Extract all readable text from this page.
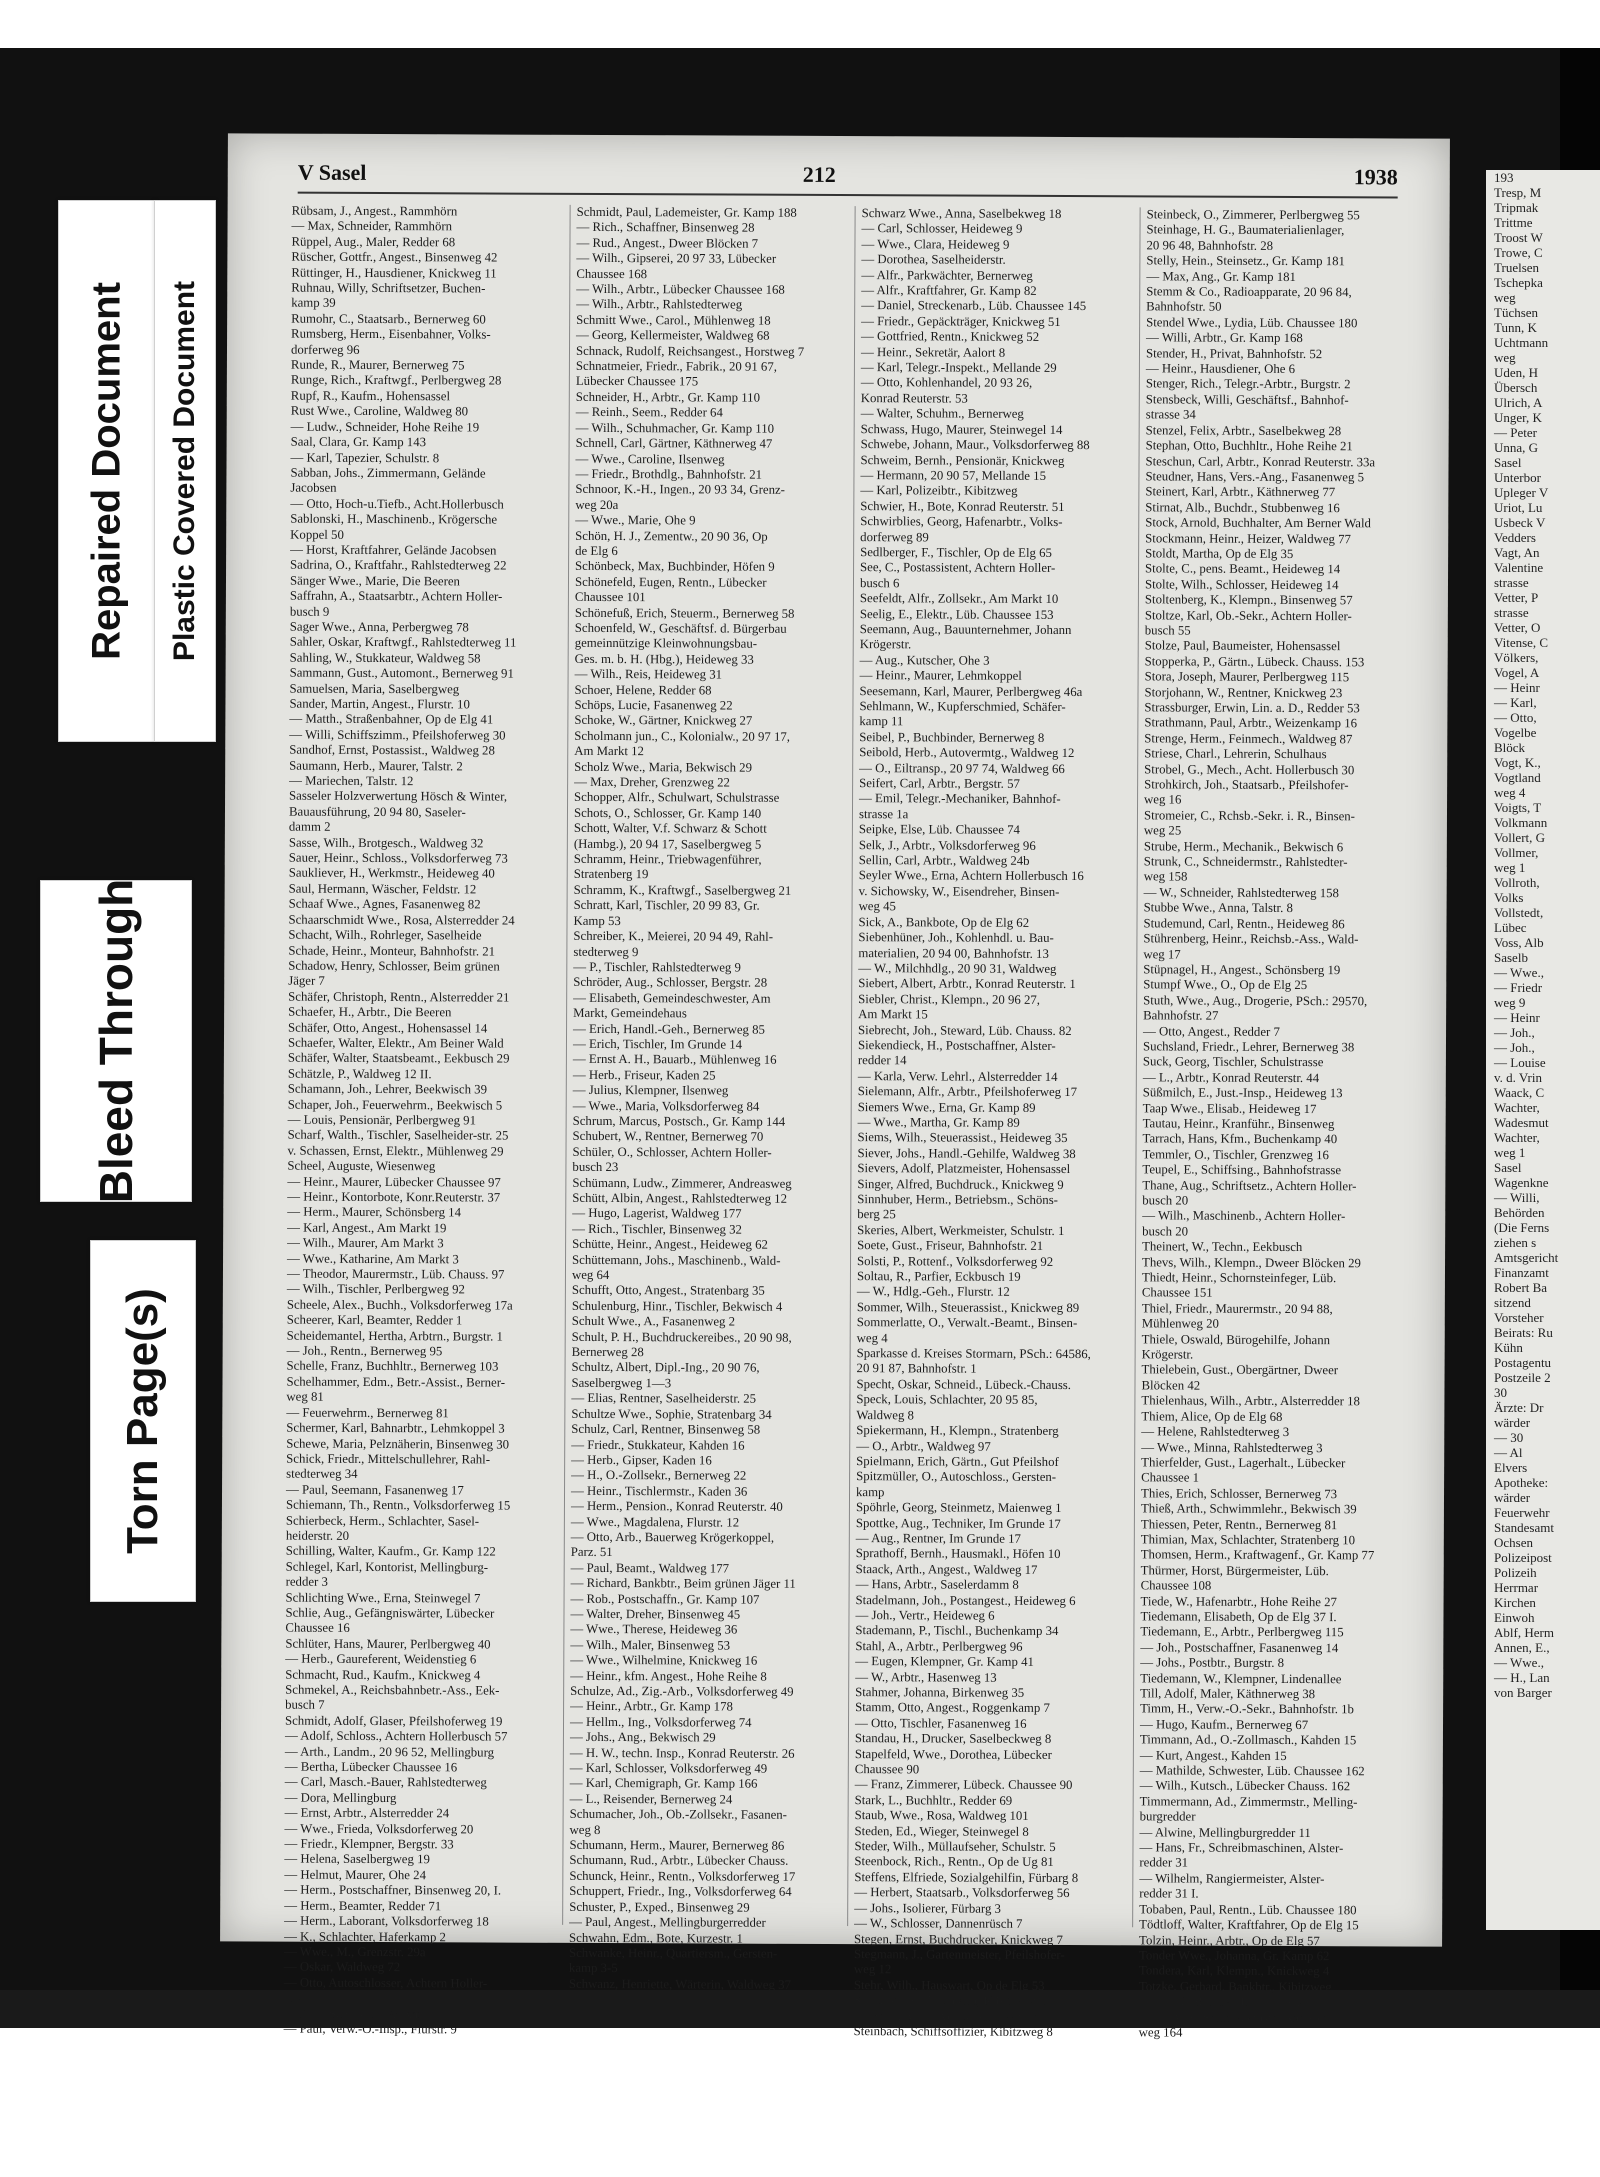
193
Tresp, M
Tripmak
Trittme
Troost W
Trowe, C
Truelsen
Tschepka
weg
Tüchsen
Tunn, K
Uchtmann
weg
Uden, H
Übersch
Ulrich, A
Unger, K
— Peter
Unna, G
Sasel
Unterbor
Upleger V
Uriot, Lu
Usbeck V
Vedders
Vagt, An
Valentine
strasse
Vetter, P
strasse
Vetter, O
Vitense, C
Völkers,
Vogel, A
— Heinr
— Karl,
— Otto,
Vogelbe
Blöck
Vogt, K.,
Vogtland
weg 4
Voigts, T
Volkmann
Vollert, G
Vollmer,
weg 1
Vollroth,
Volks
Vollstedt,
Lübec
Voss, Alb
Saselb
— Wwe.,
— Friedr
weg 9
— Heinr
— Joh.,
— Joh.,
— Louise
v. d. Vrin
Waack, C
Wachter,
Wadesmut
Wachter,
weg 1
Sasel
Wagenkne
— Willi,
Behörden
(Die Ferns
ziehen s
Amtsgericht
Finanzamt
Robert Ba
sitzend
Vorsteher
Beirats: Ru
Kühn
Postagentu
Postzeile 2
30
Ärzte: Dr
wärder
— 30
— Al
Elvers
Apotheke:
wärder
Feuerwehr
Standesamt
Ochsen
Polizeipost
Polizeih
Herrmar
Kirchen
Einwoh
Ablf, Herm
Annen, E.,
— Wwe.,
— H., Lan
von Barger
V Sasel	212	1938
Rübsam, J., Angest., Rammhörn
— Max, Schneider, Rammhörn
Rüppel, Aug., Maler, Redder 68
Rüscher, Gottfr., Angest., Binsenweg 42
Rüttinger, H., Hausdiener, Knickweg 11
Ruhnau, Willy, Schriftsetzer, Buchen-
kamp 39
Rumohr, C., Staatsarb., Bernerweg 60
Rumsberg, Herm., Eisenbahner, Volks-
dorferweg 96
Runde, R., Maurer, Bernerweg 75
Runge, Rich., Kraftwgf., Perlbergweg 28
Rupf, R., Kaufm., Hohensassel
Rust Wwe., Caroline, Waldweg 80
— Ludw., Schneider, Hohe Reihe 19
Saal, Clara, Gr. Kamp 143
— Karl, Tapezier, Schulstr. 8
Sabban, Johs., Zimmermann, Gelände
Jacobsen
— Otto, Hoch-u.Tiefb., Acht.Hollerbusch
Sablonski, H., Maschinenb., Krögersche
Koppel 50
— Horst, Kraftfahrer, Gelände Jacobsen
Sadrina, O., Kraftfahr., Rahlstedterweg 22
Sänger Wwe., Marie, Die Beeren
Saffrahn, A., Staatsarbtr., Achtern Holler-
busch 9
Sager Wwe., Anna, Perbergweg 78
Sahler, Oskar, Kraftwgf., Rahlstedterweg 11
Sahling, W., Stukkateur, Waldweg 58
Sammann, Gust., Automont., Bernerweg 91
Samuelsen, Maria, Saselbergweg
Sander, Martin, Angest., Flurstr. 10
— Matth., Straßenbahner, Op de Elg 41
— Willi, Schiffszimm., Pfeilshoferweg 30
Sandhof, Ernst, Postassist., Waldweg 28
Saumann, Herb., Maurer, Talstr. 2
— Mariechen, Talstr. 12
Sasseler Holzverwertung Hösch & Winter,
Bauausführung, 20 94 80, Saseler-
damm 2
Sasse, Wilh., Brotgesch., Waldweg 32
Sauer, Heinr., Schloss., Volksdorferweg 73
Saukliever, H., Werkmstr., Heideweg 40
Saul, Hermann, Wäscher, Feldstr. 12
Schaaf Wwe., Agnes, Fasanenweg 82
Schaarschmidt Wwe., Rosa, Alsterredder 24
Schacht, Wilh., Rohrleger, Saselheide
Schade, Heinr., Monteur, Bahnhofstr. 21
Schadow, Henry, Schlosser, Beim grünen
Jäger 7
Schäfer, Christoph, Rentn., Alsterredder 21
Schaefer, H., Arbtr., Die Beeren
Schäfer, Otto, Angest., Hohensassel 14
Schaefer, Walter, Elektr., Am Beiner Wald
Schäfer, Walter, Staatsbeamt., Eekbusch 29
Schätzle, P., Waldweg 12 II.
Schamann, Joh., Lehrer, Beekwisch 39
Schaper, Joh., Feuerwehrm., Beekwisch 5
— Louis, Pensionär, Perlbergweg 91
Scharf, Walth., Tischler, Saselheider-str. 25
v. Schassen, Ernst, Elektr., Mühlenweg 29
Scheel, Auguste, Wiesenweg
— Heinr., Maurer, Lübecker Chaussee 97
— Heinr., Kontorbote, Konr.Reuterstr. 37
— Herm., Maurer, Schönsberg 14
— Karl, Angest., Am Markt 19
— Wilh., Maurer, Am Markt 3
— Wwe., Katharine, Am Markt 3
— Theodor, Maurermstr., Lüb. Chauss. 97
— Wilh., Tischler, Perlbergweg 92
Scheele, Alex., Buchh., Volksdorferweg 17a
Scheerer, Karl, Beamter, Redder 1
Scheidemantel, Hertha, Arbtrn., Burgstr. 1
— Joh., Rentn., Bernerweg 95
Schelle, Franz, Buchhltr., Bernerweg 103
Schelhammer, Edm., Betr.-Assist., Berner-
weg 81
— Feuerwehrm., Bernerweg 81
Schermer, Karl, Bahnarbtr., Lehmkoppel 3
Schewe, Maria, Pelznäherin, Binsenweg 30
Schick, Friedr., Mittelschullehrer, Rahl-
stedterweg 34
— Paul, Seemann, Fasanenweg 17
Schiemann, Th., Rentn., Volksdorferweg 15
Schierbeck, Herm., Schlachter, Sasel-
heiderstr. 20
Schilling, Walter, Kaufm., Gr. Kamp 122
Schlegel, Karl, Kontorist, Mellingburg-
redder 3
Schlichting Wwe., Erna, Steinwegel 7
Schlie, Aug., Gefängniswärter, Lübecker
Chaussee 16
Schlüter, Hans, Maurer, Perlbergweg 40
— Herb., Gaureferent, Weidenstieg 6
Schmacht, Rud., Kaufm., Knickweg 4
Schmekel, A., Reichsbahnbetr.-Ass., Eek-
busch 7
Schmidt, Adolf, Glaser, Pfeilshoferweg 19
— Adolf, Schloss., Achtern Hollerbusch 57
— Arth., Landm., 20 96 52, Mellingburg
— Bertha, Lübecker Chaussee 16
— Carl, Masch.-Bauer, Rahlstedterweg
— Dora, Mellingburg
— Ernst, Arbtr., Alsterredder 24
— Wwe., Frieda, Volksdorferweg 20
— Friedr., Klempner, Bergstr. 33
— Helena, Saselbergweg 19
— Helmut, Maurer, Ohe 24
— Herm., Postschaffner, Binsenweg 20, I.
— Herm., Beamter, Redder 71
— Herm., Laborant, Volksdorferweg 18
— K., Schlachter, Haferkamp 2
— Wwe., M., Grenzstr. 29a
— Oskar, Waldweg 72
— Otto, Autoschlosser, Achtern Holler-
busch 57
— Paul, Schlosser, Gr. Kamp 58
— Paul, Verw.-O.-Insp., Flurstr. 9
Schmidt, Paul, Lademeister, Gr. Kamp 188
— Rich., Schaffner, Binsenweg 28
— Rud., Angest., Dweer Blöcken 7
— Wilh., Gipserei, 20 97 33, Lübecker
Chaussee 168
— Wilh., Arbtr., Lübecker Chaussee 168
— Wilh., Arbtr., Rahlstedterweg
Schmitt Wwe., Carol., Mühlenweg 18
— Georg, Kellermeister, Waldweg 68
Schnack, Rudolf, Reichsangest., Horstweg 7
Schnatmeier, Friedr., Fabrik., 20 91 67,
Lübecker Chaussee 175
Schneider, H., Arbtr., Gr. Kamp 110
— Reinh., Seem., Redder 64
— Wilh., Schuhmacher, Gr. Kamp 110
Schnell, Carl, Gärtner, Käthnerweg 47
— Wwe., Caroline, Ilsenweg
— Friedr., Brothdlg., Bahnhofstr. 21
Schnoor, K.-H., Ingen., 20 93 34, Grenz-
weg 20a
— Wwe., Marie, Ohe 9
Schön, H. J., Zementw., 20 90 36, Op
de Elg 6
Schönbeck, Max, Buchbinder, Höfen 9
Schönefeld, Eugen, Rentn., Lübecker
Chaussee 101
Schönefuß, Erich, Steuerm., Bernerweg 58
Schoenfeld, W., Geschäftsf. d. Bürgerbau
gemeinnützige Kleinwohnungsbau-
Ges. m. b. H. (Hbg.), Heideweg 33
— Wilh., Reis, Heideweg 31
Schoer, Helene, Redder 68
Schöps, Lucie, Fasanenweg 22
Schoke, W., Gärtner, Knickweg 27
Scholmann jun., C., Kolonialw., 20 97 17,
Am Markt 12
Scholz Wwe., Maria, Bekwisch 29
— Max, Dreher, Grenzweg 22
Schopper, Alfr., Schulwart, Schulstrasse
Schots, O., Schlosser, Gr. Kamp 140
Schott, Walter, V.f. Schwarz & Schott
(Hambg.), 20 94 17, Saselbergweg 5
Schramm, Heinr., Triebwagenführer,
Stratenberg 19
Schramm, K., Kraftwgf., Saselbergweg 21
Schratt, Karl, Tischler, 20 99 83, Gr.
Kamp 53
Schreiber, K., Meierei, 20 94 49, Rahl-
stedterweg 9
— P., Tischler, Rahlstedterweg 9
Schröder, Aug., Schlosser, Bergstr. 28
— Elisabeth, Gemeindeschwester, Am
Markt, Gemeindehaus
— Erich, Handl.-Geh., Bernerweg 85
— Erich, Tischler, Im Grunde 14
— Ernst A. H., Bauarb., Mühlenweg 16
— Herb., Friseur, Kaden 25
— Julius, Klempner, Ilsenweg
— Wwe., Maria, Volksdorferweg 84
Schrum, Marcus, Postsch., Gr. Kamp 144
Schubert, W., Rentner, Bernerweg 70
Schüler, O., Schlosser, Achtern Holler-
busch 23
Schümann, Ludw., Zimmerer, Andreasweg
Schütt, Albin, Angest., Rahlstedterweg 12
— Hugo, Lagerist, Waldweg 177
— Rich., Tischler, Binsenweg 32
Schütte, Heinr., Angest., Heideweg 62
Schüttemann, Johs., Maschinenb., Wald-
weg 64
Schufft, Otto, Angest., Stratenbarg 35
Schulenburg, Hinr., Tischler, Bekwisch 4
Schult Wwe., A., Fasanenweg 2
Schult, P. H., Buchdruckereibes., 20 90 98,
Bernerweg 28
Schultz, Albert, Dipl.-Ing., 20 90 76,
Saselbergweg 1—3
— Elias, Rentner, Saselheiderstr. 25
Schultze Wwe., Sophie, Stratenbarg 34
Schulz, Carl, Rentner, Binsenweg 58
— Friedr., Stukkateur, Kahden 16
— Herb., Gipser, Kaden 16
— H., O.-Zollsekr., Bernerweg 22
— Heinr., Tischlermstr., Kaden 36
— Herm., Pension., Konrad Reuterstr. 40
— Wwe., Magdalena, Flurstr. 12
— Otto, Arb., Bauerweg Krögerkoppel,
Parz. 51
— Paul, Beamt., Waldweg 177
— Richard, Bankbtr., Beim grünen Jäger 11
— Rob., Postschaffn., Gr. Kamp 107
— Walter, Dreher, Binsenweg 45
— Wwe., Therese, Heideweg 36
— Wilh., Maler, Binsenweg 53
— Wwe., Wilhelmine, Knickweg 16
— Heinr., kfm. Angest., Hohe Reihe 8
Schulze, Ad., Zig.-Arb., Volksdorferweg 49
— Heinr., Arbtr., Gr. Kamp 178
— Hellm., Ing., Volksdorferweg 74
— Johs., Ang., Bekwisch 29
— H. W., techn. Insp., Konrad Reuterstr. 26
— Karl, Schlosser, Volksdorferweg 49
— Karl, Chemigraph, Gr. Kamp 166
— L., Reisender, Bernerweg 24
Schumacher, Joh., Ob.-Zollsekr., Fasanen-
weg 8
Schumann, Herm., Maurer, Bernerweg 86
Schumann, Rud., Arbtr., Lübecker Chauss.
Schunck, Heinr., Rentn., Volksdorferweg 17
Schuppert, Friedr., Ing., Volksdorferweg 64
Schuster, P., Exped., Binsenweg 29
— Paul, Angest., Mellingburgerredder
Schwahn, Edm., Bote, Kurzestr. 1
Schwanke, Heinr., Quartiersm., Gersten-
kamp 3-5
Schwanz, Henriette, Wärterin, Waldweg 37
Schwarz Wwe., Anna, Saselbekweg 18
— Carl, Schlosser, Heideweg 9
— Wwe., Clara, Heideweg 9
— Dorothea, Saselheiderstr.
— Alfr., Parkwächter, Bernerweg
— Alfr., Kraftfahrer, Gr. Kamp 82
— Daniel, Streckenarb., Lüb. Chaussee 145
— Friedr., Gepäckträger, Knickweg 51
— Gottfried, Rentn., Knickweg 52
— Heinr., Sekretär, Aalort 8
— Karl, Telegr.-Inspekt., Mellande 29
— Otto, Kohlenhandel, 20 93 26,
Konrad Reuterstr. 53
— Walter, Schuhm., Bernerweg
Schwass, Hugo, Maurer, Steinwegel 14
Schwebe, Johann, Maur., Volksdorferweg 88
Schweim, Bernh., Pensionär, Knickweg
— Hermann, 20 90 57, Mellande 15
— Karl, Polizeibtr., Kibitzweg
Schwier, H., Bote, Konrad Reuterstr. 51
Schwirblies, Georg, Hafenarbtr., Volks-
dorferweg 89
Sedlberger, F., Tischler, Op de Elg 65
See, C., Postassistent, Achtern Holler-
busch 6
Seefeldt, Alfr., Zollsekr., Am Markt 10
Seelig, E., Elektr., Lüb. Chaussee 153
Seemann, Aug., Bauunternehmer, Johann
Krögerstr.
— Aug., Kutscher, Ohe 3
— Heinr., Maurer, Lehmkoppel
Seesemann, Karl, Maurer, Perlbergweg 46a
Sehlmann, W., Kupferschmied, Schäfer-
kamp 11
Seibel, P., Buchbinder, Bernerweg 8
Seibold, Herb., Autovermtg., Waldweg 12
— O., Eiltransp., 20 97 74, Waldweg 66
Seifert, Carl, Arbtr., Bergstr. 57
— Emil, Telegr.-Mechaniker, Bahnhof-
strasse 1a
Seipke, Else, Lüb. Chaussee 74
Selk, J., Arbtr., Volksdorferweg 96
Sellin, Carl, Arbtr., Waldweg 24b
Seyler Wwe., Erna, Achtern Hollerbusch 16
v. Sichowsky, W., Eisendreher, Binsen-
weg 45
Sick, A., Bankbote, Op de Elg 62
Siebenhüner, Joh., Kohlenhdl. u. Bau-
materialien, 20 94 00, Bahnhofstr. 13
— W., Milchhdlg., 20 90 31, Waldweg
Siebert, Albert, Arbtr., Konrad Reuterstr. 1
Siebler, Christ., Klempn., 20 96 27,
Am Markt 15
Siebrecht, Joh., Steward, Lüb. Chauss. 82
Siekendieck, H., Postschaffner, Alster-
redder 14
— Karla, Verw. Lehrl., Alsterredder 14
Sielemann, Alfr., Arbtr., Pfeilshoferweg 17
Siemers Wwe., Erna, Gr. Kamp 89
— Wwe., Martha, Gr. Kamp 89
Siems, Wilh., Steuerassist., Heideweg 35
Siever, Johs., Handl.-Gehilfe, Waldweg 38
Sievers, Adolf, Platzmeister, Hohensassel
Singer, Alfred, Buchdruck., Knickweg 9
Sinnhuber, Herm., Betriebsm., Schöns-
berg 25
Skeries, Albert, Werkmeister, Schulstr. 1
Soete, Gust., Friseur, Bahnhofstr. 21
Solsti, P., Rottenf., Volksdorferweg 92
Soltau, R., Parfier, Eckbusch 19
— W., Hdlg.-Geh., Flurstr. 12
Sommer, Wilh., Steuerassist., Knickweg 89
Sommerlatte, O., Verwalt.-Beamt., Binsen-
weg 4
Sparkasse d. Kreises Stormarn, PSch.: 64586,
20 91 87, Bahnhofstr. 1
Specht, Oskar, Schneid., Lübeck.-Chauss.
Speck, Louis, Schlachter, 20 95 85,
Waldweg 8
Spiekermann, H., Klempn., Stratenberg
— O., Arbtr., Waldweg 97
Spielmann, Erich, Gärtn., Gut Pfeilshof
Spitzmüller, O., Autoschloss., Gersten-
kamp
Spöhrle, Georg, Steinmetz, Maienweg 1
Spottke, Aug., Techniker, Im Grunde 17
— Aug., Rentner, Im Grunde 17
Sprathoff, Bernh., Hausmakl., Höfen 10
Staack, Arth., Angest., Waldweg 17
— Hans, Arbtr., Saselerdamm 8
Stadelmann, Joh., Postangest., Heideweg 6
— Joh., Vertr., Heideweg 6
Stademann, P., Tischl., Buchenkamp 34
Stahl, A., Arbtr., Perlbergweg 96
— Eugen, Klempner, Gr. Kamp 41
— W., Arbtr., Hasenweg 13
Stahmer, Johanna, Birkenweg 35
Stamm, Otto, Angest., Roggenkamp 7
— Otto, Tischler, Fasanenweg 16
Standau, H., Drucker, Saselbeckweg 8
Stapelfeld, Wwe., Dorothea, Lübecker
Chaussee 90
— Franz, Zimmerer, Lübeck. Chaussee 90
Stark, L., Buchhltr., Redder 69
Staub, Wwe., Rosa, Waldweg 101
Steden, Ed., Wieger, Steinwegel 8
Steder, Wilh., Müllaufseher, Schulstr. 5
Steenbock, Rich., Rentn., Op de Ug 81
Steffens, Elfriede, Sozialgehilfin, Fürbarg 8
— Herbert, Staatsarb., Volksdorferweg 56
— Johs., Isolierer, Fürbarg 3
— W., Schlosser, Dannenrüsch 7
Stegen, Ernst, Buchdrucker, Knickweg 7
Stegmann, J., Gartenmeister, Pfeilshofer-
weg 12
Stehr, Wilh., Hauswart, Op de Elg 53
Stein, Jonny, Tallymann, Kibitzweg 12
— Wilh., Arbtr., Volksdorferweg 67
Steinbach, Schiffsoffizier, Kibitzweg 8
Steinbeck, O., Zimmerer, Perlbergweg 55
Steinhage, H. G., Baumaterialienlager,
20 96 48, Bahnhofstr. 28
Stelly, Hein., Steinsetz., Gr. Kamp 181
— Max, Ang., Gr. Kamp 181
Stemm & Co., Radioapparate, 20 96 84,
Bahnhofstr. 50
Stendel Wwe., Lydia, Lüb. Chaussee 180
— Willi, Arbtr., Gr. Kamp 168
Stender, H., Privat, Bahnhofstr. 52
— Heinr., Hausdiener, Ohe 6
Stenger, Rich., Telegr.-Arbtr., Burgstr. 2
Stensbeck, Willi, Geschäftsf., Bahnhof-
strasse 34
Stenzel, Felix, Arbtr., Saselbekweg 28
Stephan, Otto, Buchhltr., Hohe Reihe 21
Steschun, Carl, Arbtr., Konrad Reuterstr. 33a
Steudner, Hans, Vers.-Ang., Fasanenweg 5
Steinert, Karl, Arbtr., Käthnerweg 77
Stirnat, Alb., Buchdr., Stubbenweg 16
Stock, Arnold, Buchhalter, Am Berner Wald
Stockmann, Heinr., Heizer, Waldweg 77
Stoldt, Martha, Op de Elg 35
Stolte, C., pens. Beamt., Heideweg 14
Stolte, Wilh., Schlosser, Heideweg 14
Stoltenberg, K., Klempn., Binsenweg 57
Stoltze, Karl, Ob.-Sekr., Achtern Holler-
busch 55
Stolze, Paul, Baumeister, Hohensassel
Stopperka, P., Gärtn., Lübeck. Chauss. 153
Stora, Joseph, Maurer, Perlbergweg 115
Storjohann, W., Rentner, Knickweg 23
Strassburger, Erwin, Lin. a. D., Redder 53
Strathmann, Paul, Arbtr., Weizenkamp 16
Strenge, Herm., Feinmech., Waldweg 87
Striese, Charl., Lehrerin, Schulhaus
Strobel, G., Mech., Acht. Hollerbusch 30
Strohkirch, Joh., Staatsarb., Pfeilshofer-
weg 16
Stromeier, C., Rchsb.-Sekr. i. R., Binsen-
weg 25
Strube, Herm., Mechanik., Bekwisch 6
Strunk, C., Schneidermstr., Rahlstedter-
weg 158
— W., Schneider, Rahlstedterweg 158
Stubbe Wwe., Anna, Talstr. 8
Studemund, Carl, Rentn., Heideweg 86
Stührenberg, Heinr., Reichsb.-Ass., Wald-
weg 17
Stüpnagel, H., Angest., Schönsberg 19
Stumpf Wwe., O., Op de Elg 25
Stuth, Wwe., Aug., Drogerie, PSch.: 29570,
Bahnhofstr. 27
— Otto, Angest., Redder 7
Suchsland, Friedr., Lehrer, Bernerweg 38
Suck, Georg, Tischler, Schulstrasse
— L., Arbtr., Konrad Reuterstr. 44
Süßmilch, E., Just.-Insp., Heideweg 13
Taap Wwe., Elisab., Heideweg 17
Tautau, Heinr., Kranführ., Binsenweg
Tarrach, Hans, Kfm., Buchenkamp 40
Temmler, O., Tischler, Grenzweg 16
Teupel, E., Schiffsing., Bahnhofstrasse
Thane, Aug., Schriftsetz., Achtern Holler-
busch 20
— Wilh., Maschinenb., Achtern Holler-
busch 20
Theinert, W., Techn., Eekbusch
Thevs, Wilh., Klempn., Dweer Blöcken 29
Thiedt, Heinr., Schornsteinfeger, Lüb.
Chaussee 151
Thiel, Friedr., Maurermstr., 20 94 88,
Mühlenweg 20
Thiele, Oswald, Bürogehilfe, Johann
Krögerstr.
Thielebein, Gust., Obergärtner, Dweer
Blöcken 42
Thielenhaus, Wilh., Arbtr., Alsterredder 18
Thiem, Alice, Op de Elg 68
— Helene, Rahlstedterweg 3
— Wwe., Minna, Rahlstedterweg 3
Thierfelder, Gust., Lagerhalt., Lübecker
Chaussee 1
Thies, Erich, Schlosser, Bernerweg 73
Thieß, Arth., Schwimmlehr., Bekwisch 39
Thiessen, Peter, Rentn., Bernerweg 81
Thimian, Max, Schlachter, Stratenberg 10
Thomsen, Herm., Kraftwagenf., Gr. Kamp 77
Thürmer, Horst, Bürgermeister, Lüb.
Chaussee 108
Tiede, W., Hafenarbtr., Hohe Reihe 27
Tiedemann, Elisabeth, Op de Elg 37 I.
Tiedemann, E., Arbtr., Perlbergweg 115
— Joh., Postschaffner, Fasanenweg 14
— Johs., Postbtr., Burgstr. 8
Tiedemann, W., Klempner, Lindenallee
Till, Adolf, Maler, Käthnerweg 38
Timm, H., Verw.-O.-Sekr., Bahnhofstr. 1b
— Hugo, Kaufm., Bernerweg 67
Timmann, Ad., O.-Zollmasch., Kahden 15
— Kurt, Angest., Kahden 15
— Mathilde, Schwester, Lüb. Chaussee 162
— Wilh., Kutsch., Lübecker Chauss. 162
Timmermann, Ad., Zimmermstr., Melling-
burgredder
— Alwine, Mellingburgredder 11
— Hans, Fr., Schreibmaschinen, Alster-
redder 31
— Wilhelm, Rangiermeister, Alster-
redder 31 I.
Tobaben, Paul, Rentn., Lüb. Chaussee 180
Tödtloff, Walter, Kraftfahrer, Op de Elg 15
Tolzin, Heinr., Arbtr., Op de Elg 57
Tonder Wwe., Johanna, Gr. Kamp 62
Tondera, Karl, Klempn., Knickweg 4
Totzke, Gerhard, Bankbtr., Kibitzweg
Trapp, K., Rentner, Hohereihe 24
Tratz, Aug., Schmiedemstr., Rahlstedter-
weg 164
Repaired Document Plastic Covered Document
Bleed Through
Torn Page(s)
